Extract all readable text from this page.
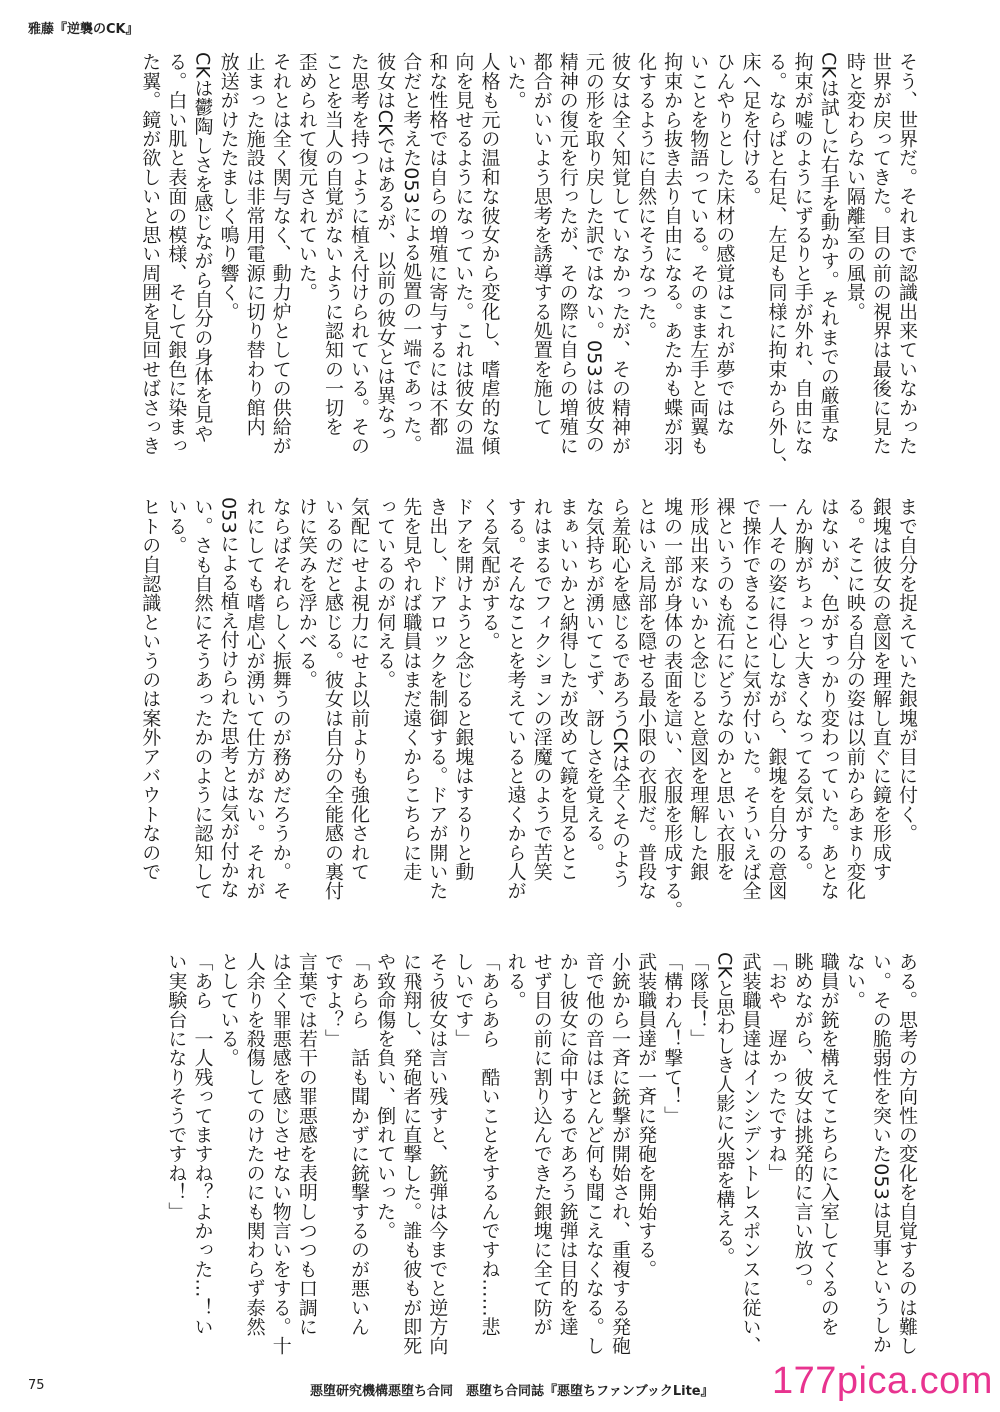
雅藤『逆襲のCK』
そう、世界だ。それまで認識出来ていなかった
世界が戻ってきた。目の前の視界は最後に見た
時と変わらない隔離室の風景。
CKは試しに右手を動かす。それまでの厳重な
拘束が嘘のようにずるりと手が外れ、自由にな
る。ならばと右足、左足も同様に拘束から外し、
床へ足を付ける。
ひんやりとした床材の感覚はこれが夢ではな
いことを物語っている。そのまま左手と両翼も
拘束から抜き去り自由になる。あたかも蝶が羽
化するように自然にそうなった。
彼女は全く知覚していなかったが、その精神が
元の形を取り戻した訳ではない。053は彼女の
精神の復元を行ったが、その際に自らの増殖に
都合がいいよう思考を誘導する処置を施して
いた。
人格も元の温和な彼女から変化し、嗜虐的な傾
向を見せるようになっていた。これは彼女の温
和な性格では自らの増殖に寄与するには不都
合だと考えた053による処置の一端であった。
彼女はCKではあるが、以前の彼女とは異なっ
た思考を持つように植え付けられている。その
ことを当人の自覚がないように認知の一切を
歪められて復元されていた。
それとは全く関与なく、動力炉としての供給が
止まった施設は非常用電源に切り替わり館内
放送がけたたましく鳴り響く。
CKは鬱陶しさを感じながら自分の身体を見や
る。白い肌と表面の模様、そして銀色に染まっ
た翼。鏡が欲しいと思い周囲を見回せばさっき
まで自分を捉えていた銀塊が目に付く。
銀塊は彼女の意図を理解し直ぐに鏡を形成す
る。そこに映る自分の姿は以前からあまり変化
はないが、色がすっかり変わっていた。あとな
んか胸がちょっと大きくなってる気がする。
一人その姿に得心しながら、銀塊を自分の意図
で操作できることに気が付いた。そういえば全
裸というのも流石にどうなのかと思い衣服を
形成出来ないかと念じると意図を理解した銀
塊の一部が身体の表面を這い、衣服を形成する。
とはいえ局部を隠せる最小限の衣服だ。普段な
ら羞恥心を感じるであろうCKは全くそのよう
な気持ちが湧いてこず、訝しさを覚える。
まぁいいかと納得したが改めて鏡を見るとこ
れはまるでフィクションの淫魔のようで苦笑
する。そんなことを考えていると遠くから人が
くる気配がする。
ドアを開けようと念じると銀塊はするりと動
き出し、ドアロックを制御する。ドアが開いた
先を見やれば職員はまだ遠くからこちらに走
っているのが伺える。
気配にせよ視力にせよ以前よりも強化されて
いるのだと感じる。彼女は自分の全能感の裏付
けに笑みを浮かべる。
ならばそれらしく振舞うのが務めだろうか。そ
れにしても嗜虐心が湧いて仕方がない。それが
053による植え付けられた思考とは気が付かな
い。さも自然にそうあったかのように認知して
いる。
ヒトの自認識というのは案外アバウトなので
ある。思考の方向性の変化を自覚するのは難し
い。その脆弱性を突いた053は見事というしか
ない。
職員が銃を構えてこちらに入室してくるのを
眺めながら、彼女は挑発的に言い放つ。
「おや　遅かったですね」
武装職員達はインシデントレスポンスに従い、
CKと思わしき人影に火器を構える。
「隊長！」
「構わん！撃て！」
武装職員達が一斉に発砲を開始する。
小銃から一斉に銃撃が開始され、重複する発砲
音で他の音はほとんど何も聞こえなくなる。し
かし彼女に命中するであろう銃弾は目的を達
せず目の前に割り込んできた銀塊に全て防が
れる。
「あらあら　酷いことをするんですね……悲
しいです」
そう彼女は言い残すと、銃弾は今までと逆方向
に飛翔し、発砲者に直撃した。誰も彼もが即死
や致命傷を負い、倒れていった。
「あらら　話も聞かずに銃撃するのが悪いん
ですよ？」
言葉では若干の罪悪感を表明しつつも口調に
は全く罪悪感を感じさせない物言いをする。十
人余りを殺傷してのけたのにも関わらず泰然
としている。
「あら　一人残ってますね？よかった…！い
い実験台になりそうですね！」
75	悪堕研究機構悪堕ち合同　悪堕ち合同誌『悪堕ちファンブックLite』 177pica.com
